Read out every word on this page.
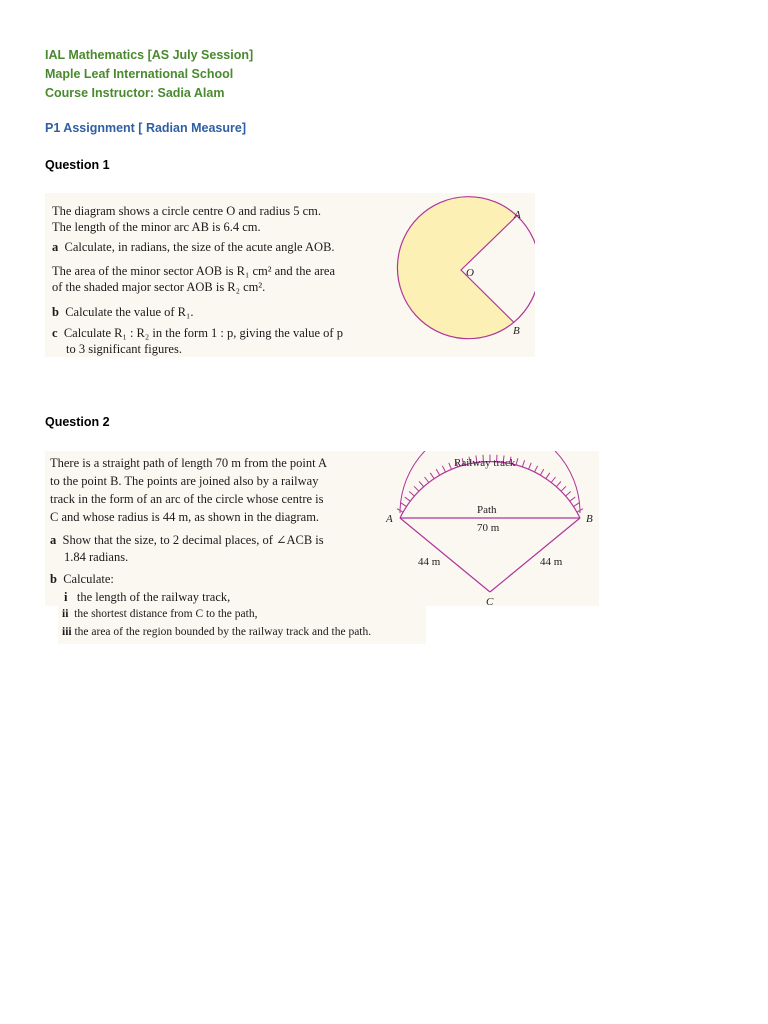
IAL Mathematics [AS July Session]
Maple Leaf International School
Course Instructor: Sadia Alam
P1 Assignment [ Radian Measure]
Question 1
The diagram shows a circle centre O and radius 5 cm.
The length of the minor arc AB is 6.4 cm.
a Calculate, in radians, the size of the acute angle AOB.
The area of the minor sector AOB is R₁ cm² and the area
of the shaded major sector AOB is R₂ cm².
b Calculate the value of R₁.
c Calculate R₁ : R₂ in the form 1 : p, giving the value of p
to 3 significant figures.
A
O
B
Question 2
There is a straight path of length 70 m from the point A
to the point B. The points are joined also by a railway
track in the form of an arc of the circle whose centre is
C and whose radius is 44 m, as shown in the diagram.
a Show that the size, to 2 decimal places, of ∠ACB is
1.84 radians.
b Calculate:
i the length of the railway track,
Railway track
Path
70 m
44 m	44 m
A	B
C
ii the shortest distance from C to the path,
iii the area of the region bounded by the railway track and the path.
